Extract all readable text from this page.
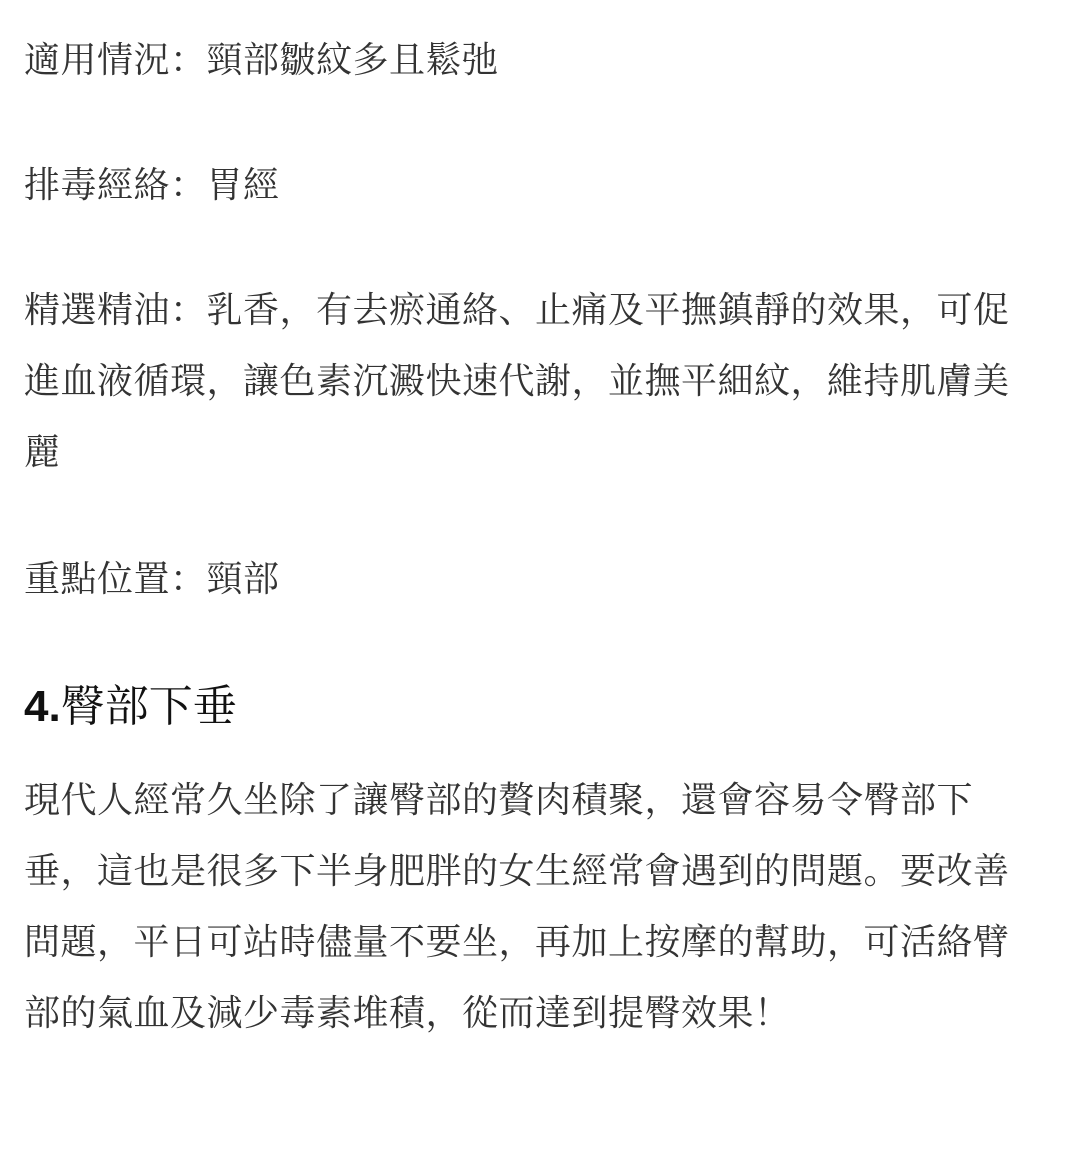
適用情況：頸部皺紋多且鬆弛

排毒經絡：胃經

精選精油：乳香，有去瘀通絡、止痛及平撫鎮靜的效果，可促進血液循環，讓色素沉澱快速代謝，並撫平細紋，維持肌膚美麗

重點位置：頸部

4.臀部下垂

現代人經常久坐除了讓臀部的贅肉積聚，還會容易令臀部下垂，這也是很多下半身肥胖的女生經常會遇到的問題。要改善問題，平日可站時儘量不要坐，再加上按摩的幫助，可活絡臂部的氣血及減少毒素堆積，從而達到提臀效果！
